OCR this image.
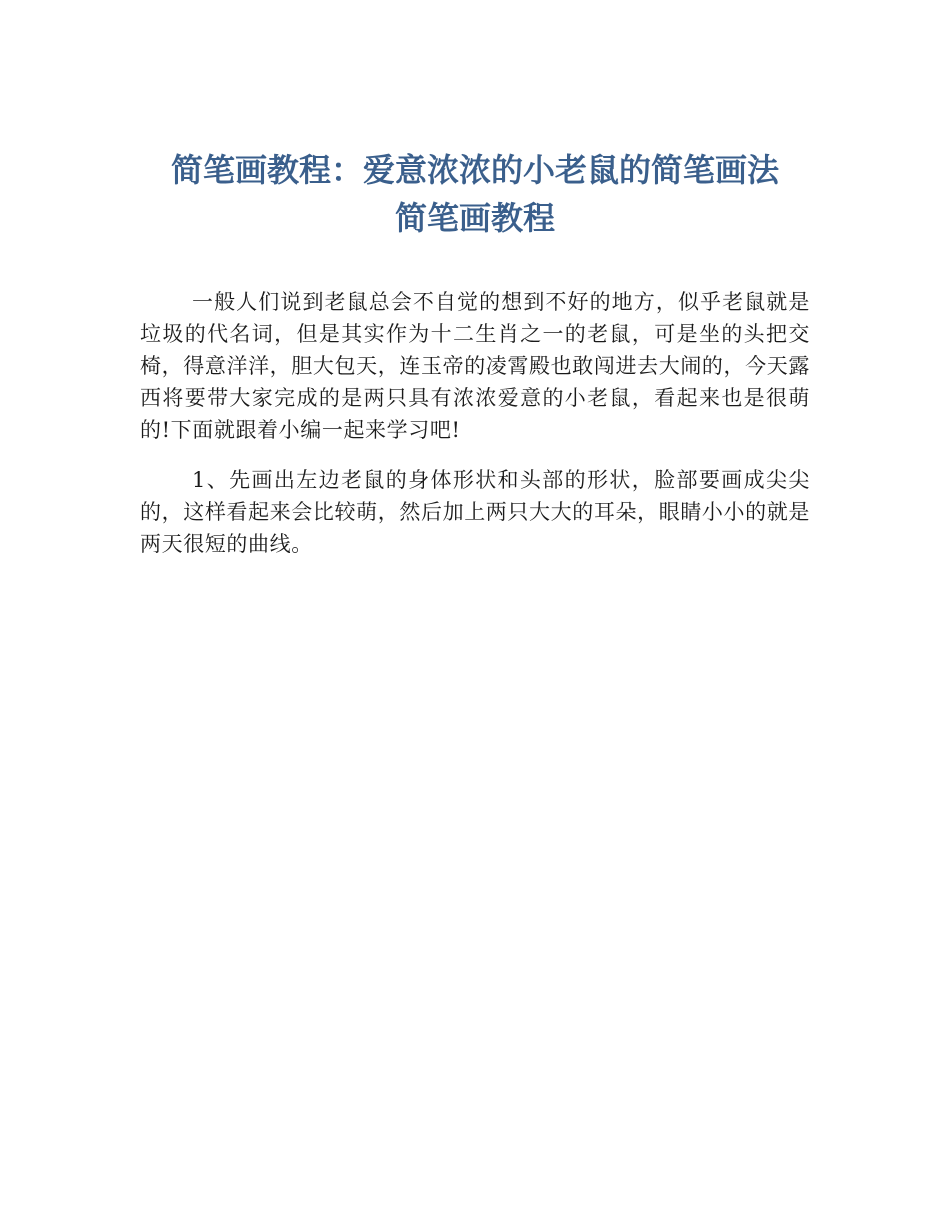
简笔画教程：爱意浓浓的小老鼠的简笔画法
简笔画教程

一般人们说到老鼠总会不自觉的想到不好的地方，似乎老鼠就是垃圾的代名词，但是其实作为十二生肖之一的老鼠，可是坐的头把交椅，得意洋洋，胆大包天，连玉帝的凌霄殿也敢闯进去大闹的，今天露西将要带大家完成的是两只具有浓浓爱意的小老鼠，看起来也是很萌的!下面就跟着小编一起来学习吧!

1、先画出左边老鼠的身体形状和头部的形状，脸部要画成尖尖的，这样看起来会比较萌，然后加上两只大大的耳朵，眼睛小小的就是两天很短的曲线。
